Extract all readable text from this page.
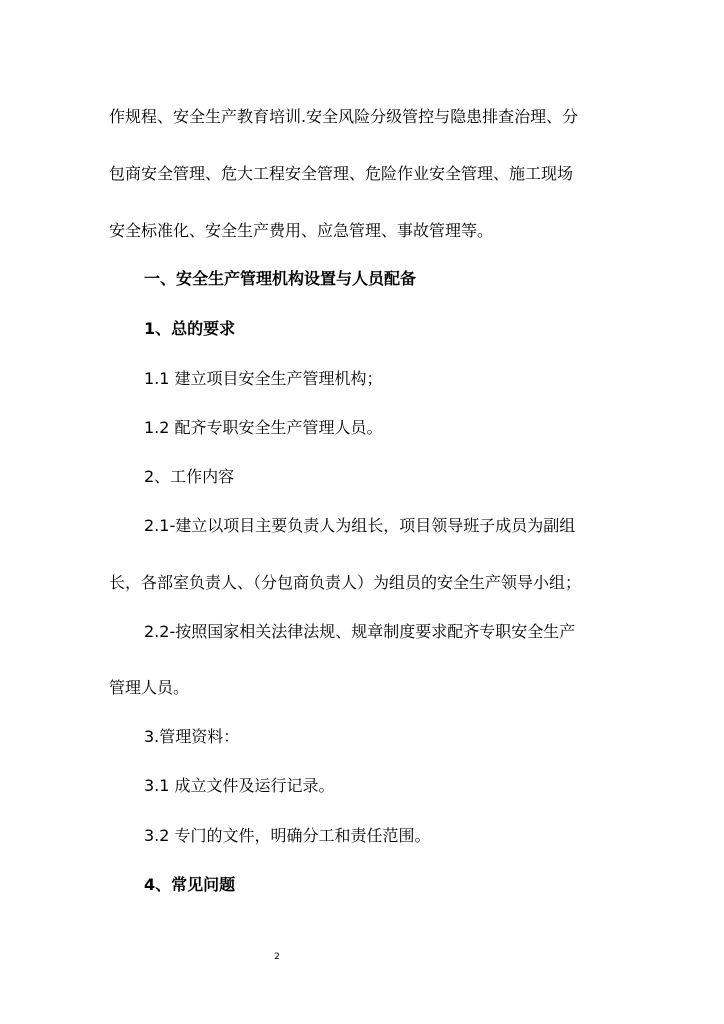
作规程、安全生产教育培训.安全风险分级管控与隐患排查治理、分
包商安全管理、危大工程安全管理、危险作业安全管理、施工现场
安全标准化、安全生产费用、应急管理、事故管理等。
一、安全生产管理机构设置与人员配备
1、总的要求
1.1 建立项目安全生产管理机构；
1.2 配齐专职安全生产管理人员。
2、工作内容
2.1-建立以项目主要负责人为组长，项目领导班子成员为副组
长，各部室负责人、（分包商负责人）为组员的安全生产领导小组；
2.2-按照国家相关法律法规、规章制度要求配齐专职安全生产
管理人员。
3.管理资料：
3.1 成立文件及运行记录。
3.2 专门的文件，明确分工和责任范围。
4、常见问题
2
